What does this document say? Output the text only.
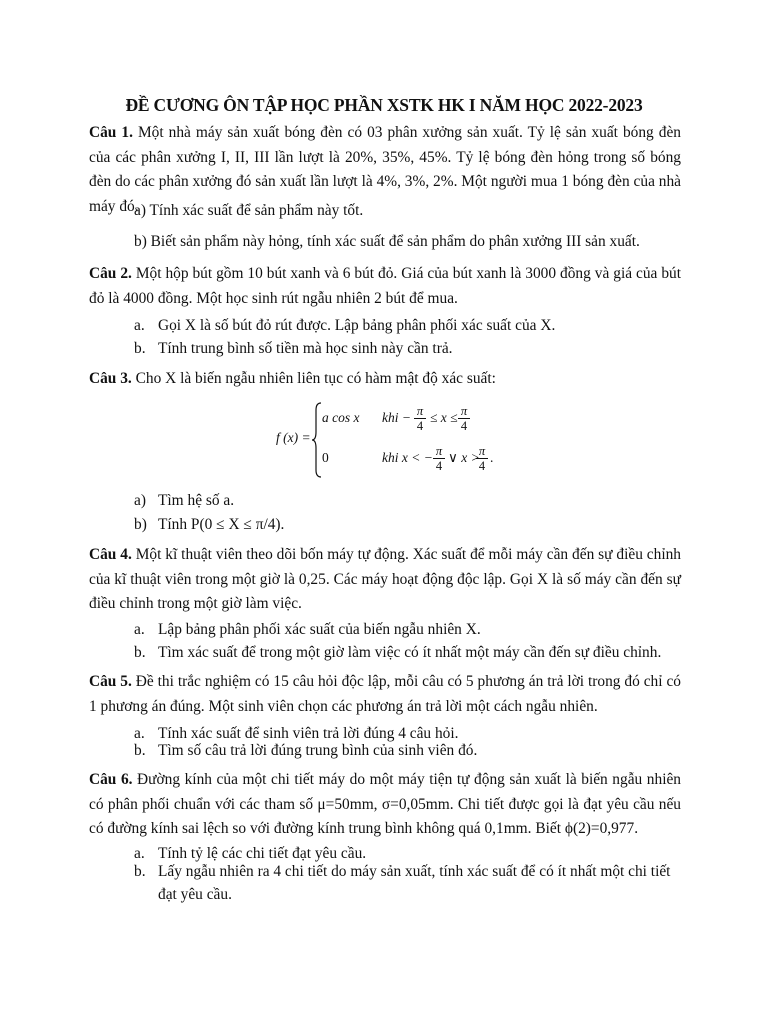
ĐỀ CƯƠNG ÔN TẬP HỌC PHẦN XSTK HK I NĂM HỌC 2022-2023
Câu 1. Một nhà máy sản xuất bóng đèn có 03 phân xưởng sản xuất. Tỷ lệ sản xuất bóng đèn của các phân xưởng I, II, III lần lượt là 20%, 35%, 45%. Tỷ lệ bóng đèn hỏng trong số bóng đèn do các phân xưởng đó sản xuất lần lượt là 4%, 3%, 2%. Một người mua 1 bóng đèn của nhà máy đó.
a) Tính xác suất để sản phẩm này tốt.
b) Biết sản phẩm này hỏng, tính xác suất để sản phẩm do phân xưởng III sản xuất.
Câu 2. Một hộp bút gồm 10 bút xanh và 6 bút đỏ. Giá của bút xanh là 3000 đồng và giá của bút đỏ là 4000 đồng. Một học sinh rút ngẫu nhiên 2 bút để mua.
a. Gọi X là số bút đỏ rút được. Lập bảng phân phối xác suất của X.
b. Tính trung bình số tiền mà học sinh này cần trả.
Câu 3. Cho X là biến ngẫu nhiên liên tục có hàm mật độ xác suất:
f (x) =
a cos x khi − $\frac{\pi}{4} \le x \le \frac{\pi}{4}$
0	khi x < − $\frac{\pi}{4}$ ∨ x >
$\frac{\pi}{4}$ .
a) Tìm hệ số a.
b) Tính P(0 ≤ X ≤ π/4).
Câu 4. Một kĩ thuật viên theo dõi bốn máy tự động. Xác suất để mỗi máy cần đến sự điều chỉnh của kĩ thuật viên trong một giờ là 0,25. Các máy hoạt động độc lập. Gọi X là số máy cần đến sự điều chỉnh trong một giờ làm việc.
a. Lập bảng phân phối xác suất của biến ngẫu nhiên X.
b. Tìm xác suất để trong một giờ làm việc có ít nhất một máy cần đến sự điều chỉnh.
Câu 5. Đề thi trắc nghiệm có 15 câu hỏi độc lập, mỗi câu có 5 phương án trả lời trong đó chỉ có 1 phương án đúng. Một sinh viên chọn các phương án trả lời một cách ngẫu nhiên.
a. Tính xác suất để sinh viên trả lời đúng 4 câu hỏi.
b. Tìm số câu trả lời đúng trung bình của sinh viên đó.
Câu 6. Đường kính của một chi tiết máy do một máy tiện tự động sản xuất là biến ngẫu nhiên có phân phối chuẩn với các tham số μ=50mm, σ=0,05mm. Chi tiết được gọi là đạt yêu cầu nếu có đường kính sai lệch so với đường kính trung bình không quá 0,1mm. Biết ϕ(2)=0,977.
a. Tính tỷ lệ các chi tiết đạt yêu cầu.
b. Lấy ngẫu nhiên ra 4 chi tiết do máy sản xuất, tính xác suất để có ít nhất một chi tiết đạt yêu cầu.
